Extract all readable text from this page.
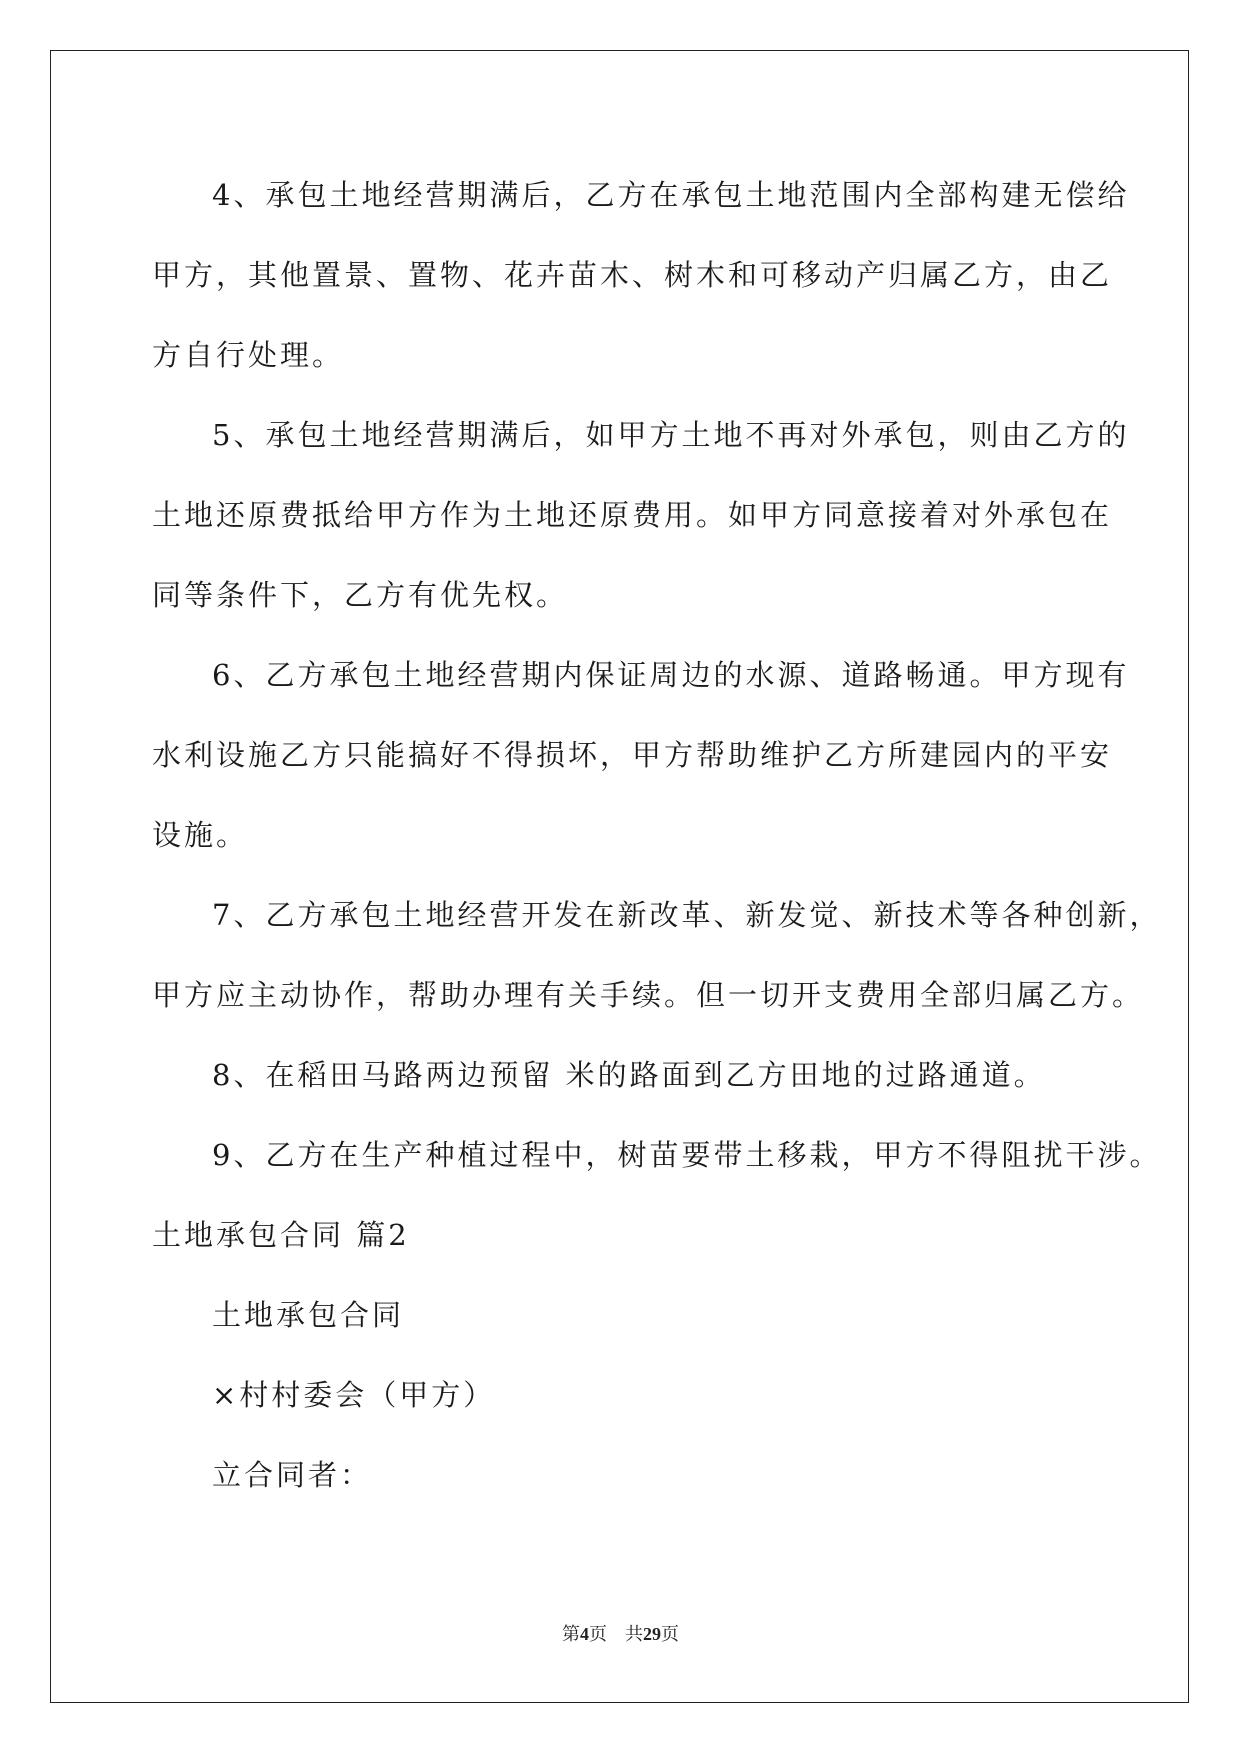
4、承包土地经营期满后，乙方在承包土地范围内全部构建无偿给
甲方，其他置景、置物、花卉苗木、树木和可移动产归属乙方，由乙
方自行处理。
5、承包土地经营期满后，如甲方土地不再对外承包，则由乙方的
土地还原费抵给甲方作为土地还原费用。如甲方同意接着对外承包在
同等条件下，乙方有优先权。
6、乙方承包土地经营期内保证周边的水源、道路畅通。甲方现有
水利设施乙方只能搞好不得损坏，甲方帮助维护乙方所建园内的平安
设施。
7、乙方承包土地经营开发在新改革、新发觉、新技术等各种创新，
甲方应主动协作，帮助办理有关手续。但一切开支费用全部归属乙方。
8、在稻田马路两边预留 米的路面到乙方田地的过路通道。
9、乙方在生产种植过程中，树苗要带土移栽，甲方不得阻扰干涉。
土地承包合同 篇2
土地承包合同
×村村委会（甲方）
立合同者：
第4页　共29页
